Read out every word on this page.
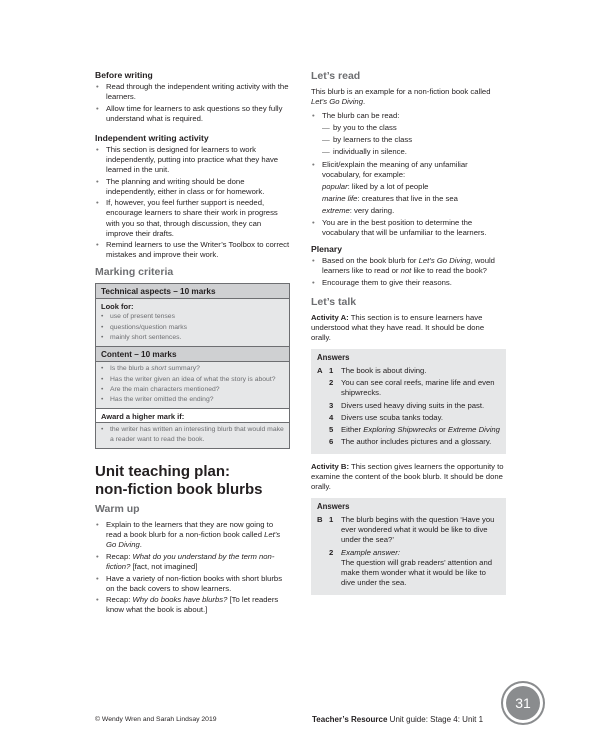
Before writing
• Read through the independent writing activity with the learners.
• Allow time for learners to ask questions so they fully understand what is required.
Independent writing activity
• This section is designed for learners to work independently, putting into practice what they have learned in the unit.
• The planning and writing should be done independently, either in class or for homework.
• If, however, you feel further support is needed, encourage learners to share their work in progress with you so that, through discussion, they can improve their drafts.
• Remind learners to use the Writer’s Toolbox to correct mistakes and improve their work.
Marking criteria
Technical aspects – 10 marks
Look for:
• use of present tenses
• questions/question marks
• mainly short sentences.
Content – 10 marks
• Is the blurb a short summary?
• Has the writer given an idea of what the story is about?
• Are the main characters mentioned?
• Has the writer omitted the ending?
Award a higher mark if:
• the writer has written an interesting blurb that would make a reader want to read the book.
Unit teaching plan:
non-fiction book blurbs
Warm up
• Explain to the learners that they are now going to read a book blurb for a non-fiction book called Let’s Go Diving.
• Recap: What do you understand by the term non-fiction? [fact, not imagined]
• Have a variety of non-fiction books with short blurbs on the back covers to show learners.
• Recap: Why do books have blurbs? [To let readers know what the book is about.]
Let’s read

This blurb is an example for a non-fiction book called Let’s Go Diving.

• The blurb can be read:
— by you to the class
— by learners to the class
— individually in silence.
• Elicit/explain the meaning of any unfamiliar vocabulary, for example:
popular: liked by a lot of people
marine life: creatures that live in the sea
extreme: very daring.
• You are in the best position to determine the vocabulary that will be unfamiliar to the learners.
Plenary
• Based on the book blurb for Let’s Go Diving, would learners like to read or not like to read the book?
• Encourage them to give their reasons.
Let’s talk

Activity A: This section is to ensure learners have understood what they have read. It should be done orally.

Answers
A 1	The book is about diving.
2	You can see coral reefs, marine life and even shipwrecks.
3	Divers used heavy diving suits in the past.
4	Divers use scuba tanks today.
5	Either Exploring Shipwrecks or Extreme Diving
6	The author includes pictures and a glossary.

Activity B: This section gives learners the opportunity to examine the content of the book blurb. It should be done orally.

Answers
B 1	The blurb begins with the question ‘Have you ever wondered what it would be like to dive under the sea?’
2	Example answer:
The question will grab readers’ attention and make them wonder what it would be like to dive under the sea.
© Wendy Wren and Sarah Lindsay 2019	Teacher’s Resource Unit guide: Stage 4: Unit 1
31
